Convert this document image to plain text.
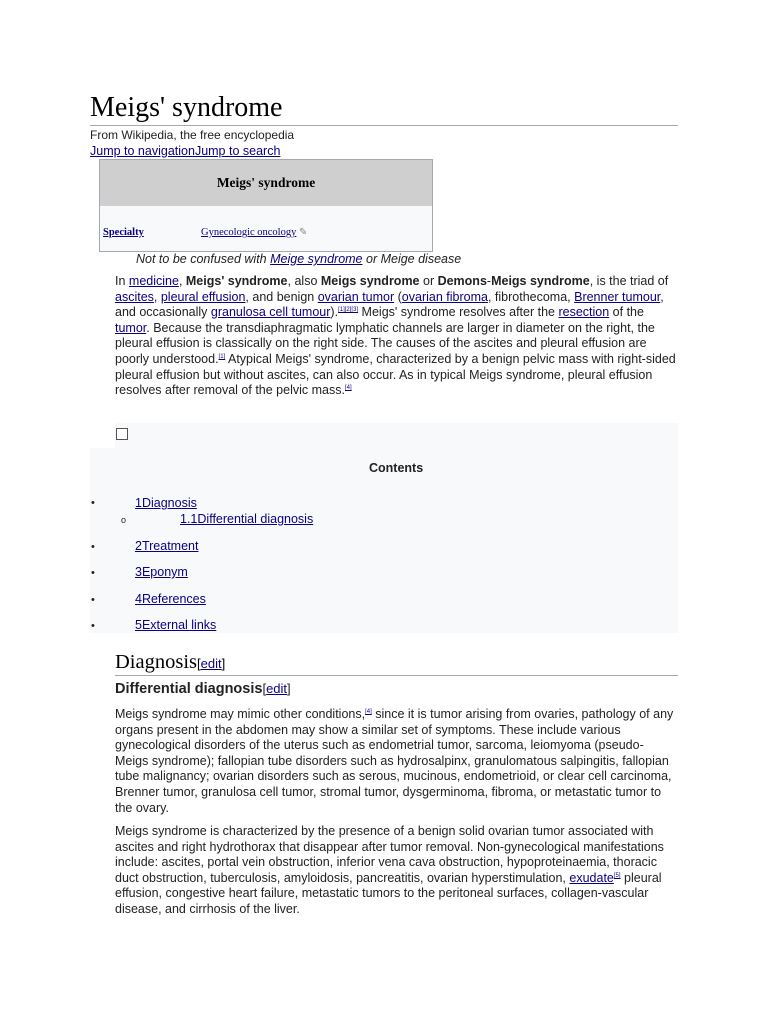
Meigs' syndrome
From Wikipedia, the free encyclopedia
Jump to navigationJump to search
Meigs' syndrome
Specialty	Gynecologic oncology ✎
Not to be confused with Meige syndrome or Meige disease
In medicine, Meigs' syndrome, also Meigs syndrome or Demons-Meigs syndrome, is the triad of ascites, pleural effusion, and benign ovarian tumor (ovarian fibroma, fibrothecoma, Brenner tumour, and occasionally granulosa cell tumour).[1][2][3] Meigs' syndrome resolves after the resection of the tumor. Because the transdiaphragmatic lymphatic channels are larger in diameter on the right, the pleural effusion is classically on the right side. The causes of the ascites and pleural effusion are poorly understood.[1] Atypical Meigs' syndrome, characterized by a benign pelvic mass with right-sided pleural effusion but without ascites, can also occur. As in typical Meigs syndrome, pleural effusion resolves after removal of the pelvic mass.[4]
Contents
•	1Diagnosis
o	1.1Differential diagnosis
•	2Treatment
•	3Eponym
•	4References
•	5External links
Diagnosis[edit]
Differential diagnosis[edit]
Meigs syndrome may mimic other conditions,[4] since it is tumor arising from ovaries, pathology of any organs present in the abdomen may show a similar set of symptoms. These include various gynecological disorders of the uterus such as endometrial tumor, sarcoma, leiomyoma (pseudo-Meigs syndrome); fallopian tube disorders such as hydrosalpinx, granulomatous salpingitis, fallopian tube malignancy; ovarian disorders such as serous, mucinous, endometrioid, or clear cell carcinoma, Brenner tumor, granulosa cell tumor, stromal tumor, dysgerminoma, fibroma, or metastatic tumor to the ovary.
Meigs syndrome is characterized by the presence of a benign solid ovarian tumor associated with ascites and right hydrothorax that disappear after tumor removal. Non-gynecological manifestations include: ascites, portal vein obstruction, inferior vena cava obstruction, hypoproteinaemia, thoracic duct obstruction, tuberculosis, amyloidosis, pancreatitis, ovarian hyperstimulation, exudate[5] pleural effusion, congestive heart failure, metastatic tumors to the peritoneal surfaces, collagen-vascular disease, and cirrhosis of the liver.
